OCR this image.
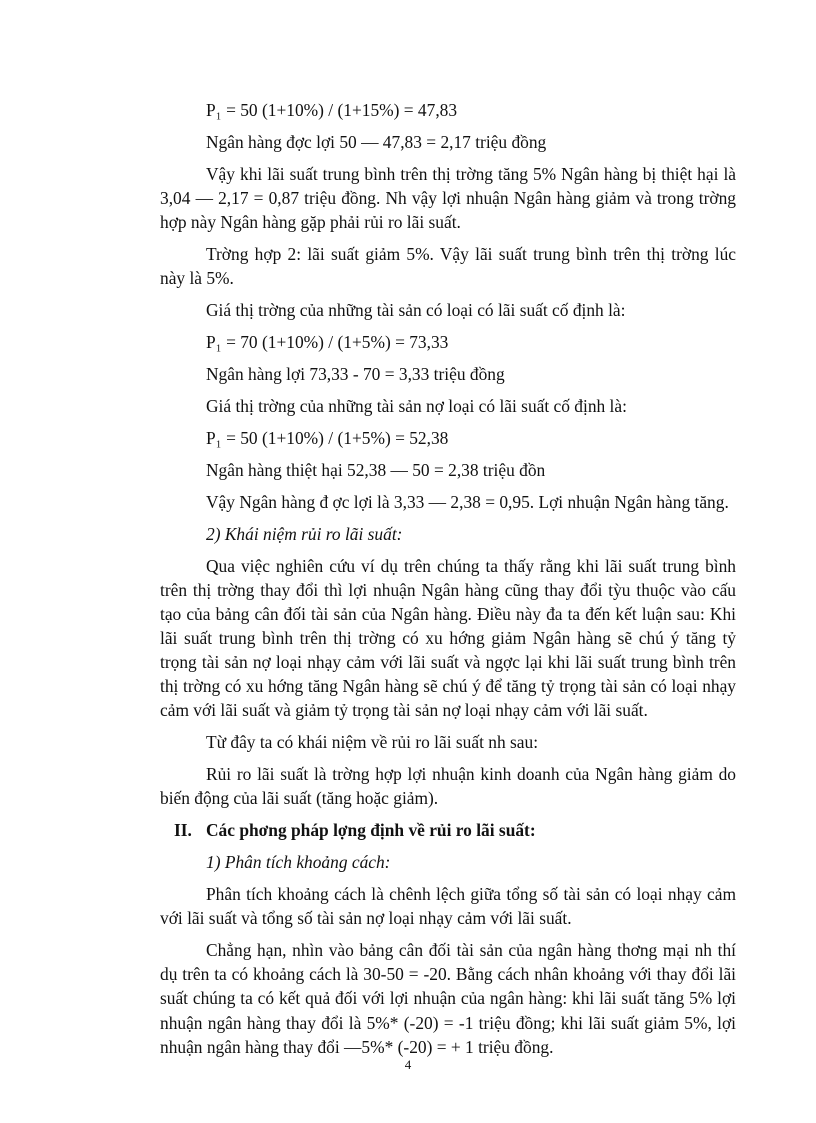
P₁ = 50 (1+10%) / (1+15%) = 47,83

Ngân hàng đợc lợi 50 — 47,83 = 2,17 triệu đồng

Vậy khi lãi suất trung bình trên thị trờng tăng 5% Ngân hàng bị thiệt hại là 3,04 — 2,17 = 0,87 triệu đồng. Nh vậy lợi nhuận Ngân hàng giảm và trong trờng hợp này Ngân hàng gặp phải rủi ro lãi suất.

Trờng hợp 2: lãi suất giảm 5%. Vậy lãi suất trung bình trên thị trờng lúc này là 5%.

Giá thị trờng của những tài sản có loại có lãi suất cố định là:

P₁ = 70 (1+10%) / (1+5%) = 73,33

Ngân hàng lợi 73,33 - 70 = 3,33 triệu đồng

Giá thị trờng của những tài sản nợ loại có lãi suất cố định là:

P₁ = 50 (1+10%) / (1+5%) = 52,38

Ngân hàng thiệt hại 52,38 — 50 = 2,38 triệu đồn

Vậy Ngân hàng đ ợc lợi là 3,33 — 2,38 = 0,95. Lợi nhuận Ngân hàng tăng.

2) Khái niệm rủi ro lãi suất:

Qua việc nghiên cứu ví dụ trên chúng ta thấy rằng khi lãi suất trung bình trên thị trờng thay đổi thì lợi nhuận Ngân hàng cũng thay đổi tỳu thuộc vào cấu tạo của bảng cân đối tài sản của Ngân hàng. Điều này đa ta đến kết luận sau: Khi lãi suất trung bình trên thị trờng có xu hớng giảm Ngân hàng sẽ chú ý tăng tỷ trọng tài sản nợ loại nhạy cảm với lãi suất và ngợc lại khi lãi suất trung bình trên thị trờng có xu hớng tăng Ngân hàng sẽ chú ý để tăng tỷ trọng tài sản có loại nhạy cảm với lãi suất và giảm tỷ trọng tài sản nợ loại nhạy cảm với lãi suất.

Từ đây ta có khái niệm về rủi ro lãi suất nh sau:

Rủi ro lãi suất là trờng hợp lợi nhuận kinh doanh của Ngân hàng giảm do biến động của lãi suất (tăng hoặc giảm).

II. Các phơng pháp lợng định về rủi ro lãi suất:

1) Phân tích khoảng cách:

Phân tích khoảng cách là chênh lệch giữa tổng số tài sản có loại nhạy cảm với lãi suất và tổng số tài sản nợ loại nhạy cảm với lãi suất.

Chẳng hạn, nhìn vào bảng cân đối tài sản của ngân hàng thơng mại nh thí dụ trên ta có khoảng cách là 30-50 = -20. Bằng cách nhân khoảng với thay đổi lãi suất chúng ta có kết quả đối với lợi nhuận của ngân hàng: khi lãi suất tăng 5% lợi nhuận ngân hàng thay đổi là 5%* (-20) = -1 triệu đồng; khi lãi suất giảm 5%, lợi nhuận ngân hàng thay đổi —5%* (-20) = + 1 triệu đồng.

4
